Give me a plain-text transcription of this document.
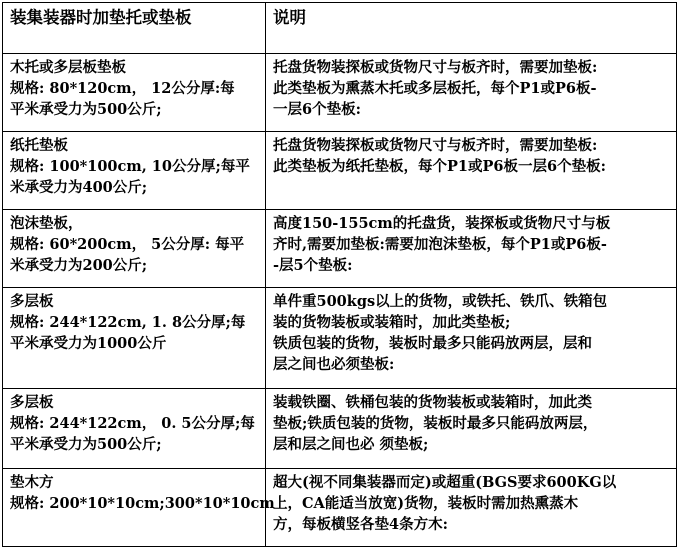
装集装器时加垫托或垫板	说明

木托或多层板垫板
规格: 80*120cm， 12公分厚:每
平米承受力为500公斤;	托盘货物装探板或货物尺寸与板齐时，需要加垫板:
此类垫板为熏蒸木托或多层板托，每个P1或P6板-
一层6个垫板:

纸托垫板
规格: 100*100cm, 10公分厚;每平
米承受力为400公斤;	托盘货物装探板或货物尺寸与板齐时，需要加垫板:
此类垫板为纸托垫板，每个P1或P6板一层6个垫板:

泡沫垫板，
规格: 60*200cm， 5公分厚: 每平
米承受力为200公斤;	高度150-155cm的托盘货，装探板或货物尺寸与板
齐时,需要加垫板:需要加泡沫垫板，每个P1或P6板-
-层5个垫板:

多层板
规格: 244*122cm, 1. 8公分厚;每
平米承受力为1000公斤	单件重500kgs以上的货物，或铁托、铁爪、铁箱包
装的货物装板或装箱时，加此类垫板;
铁质包装的货物，装板时最多只能码放两层，层和
层之间也必须垫板:

多层板
规格: 244*122cm， 0. 5公分厚;每
平米承受力为500公斤;	装载铁圈、铁桶包装的货物装板或装箱时，加此类
垫板;铁质包装的货物，装板时最多只能码放两层，
层和层之间也必 须垫板;

垫木方
规格: 200*10*10cm;300*10*10cm	超大(视不同集装器而定)或超重(BGS要求600KG以
上，CA能适当放宽)货物，装板时需加热熏蒸木
方，每板横竖各垫4条方木:
